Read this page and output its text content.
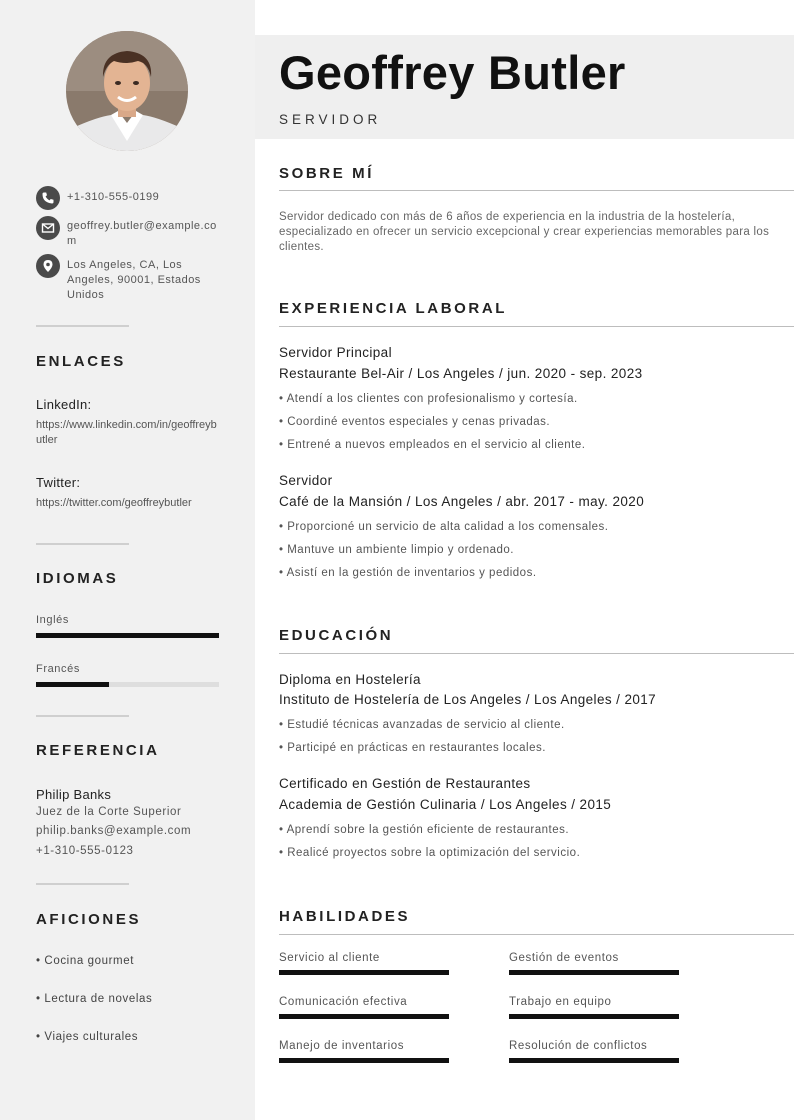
+1-310-555-0199
geoffrey.butler@example.com
Los Angeles, CA, Los Angeles, 90001, Estados Unidos
ENLACES
LinkedIn:
https://www.linkedin.com/in/geoffreybutler
Twitter:
https://twitter.com/geoffreybutler
IDIOMAS
Inglés
Francés
REFERENCIA
Philip Banks
Juez de la Corte Superior
philip.banks@example.com
+1-310-555-0123
AFICIONES
• Cocina gourmet
• Lectura de novelas
• Viajes culturales
Geoffrey Butler
SERVIDOR
SOBRE MÍ
Servidor dedicado con más de 6 años de experiencia en la industria de la hostelería, especializado en ofrecer un servicio excepcional y crear experiencias memorables para los clientes.
EXPERIENCIA LABORAL
Servidor Principal
Restaurante Bel-Air / Los Angeles / jun. 2020 - sep. 2023
• Atendí a los clientes con profesionalismo y cortesía.
• Coordiné eventos especiales y cenas privadas.
• Entrené a nuevos empleados en el servicio al cliente.
Servidor
Café de la Mansión / Los Angeles / abr. 2017 - may. 2020
• Proporcioné un servicio de alta calidad a los comensales.
• Mantuve un ambiente limpio y ordenado.
• Asistí en la gestión de inventarios y pedidos.
EDUCACIÓN
Diploma en Hostelería
Instituto de Hostelería de Los Angeles / Los Angeles / 2017
• Estudié técnicas avanzadas de servicio al cliente.
• Participé en prácticas en restaurantes locales.
Certificado en Gestión de Restaurantes
Academia de Gestión Culinaria / Los Angeles / 2015
• Aprendí sobre la gestión eficiente de restaurantes.
• Realicé proyectos sobre la optimización del servicio.
HABILIDADES
Servicio al cliente	Gestión de eventos
Comunicación efectiva	Trabajo en equipo
Manejo de inventarios	Resolución de conflictos
